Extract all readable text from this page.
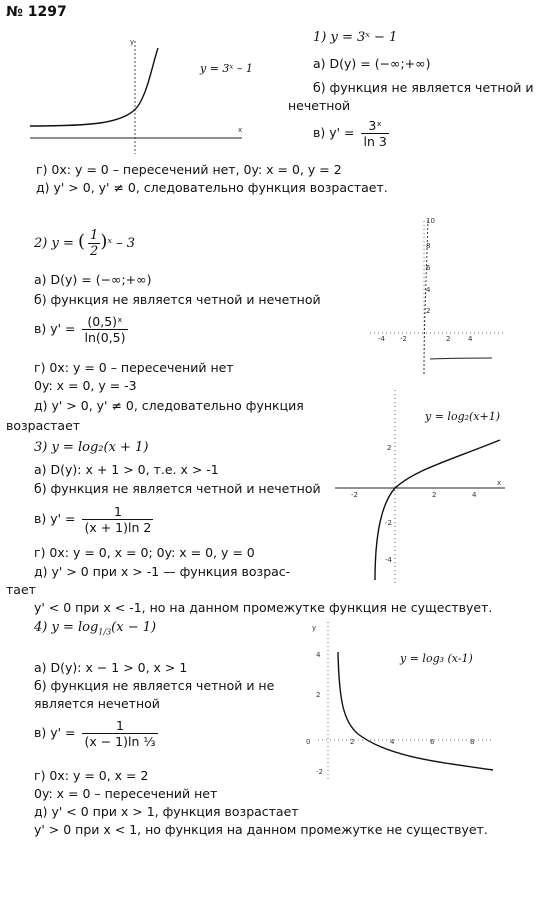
№ 1297
1) y = 3ˣ − 1
а) D(y) = (−∞;+∞)
б) функция не является четной и
нечетной
в) $y' = \frac{\text{3ˣ}}{\ln 3}$
г) 0x: y = 0 – пересечений нет, 0y: x = 0, y = 2
д) y' > 0, y' ≠ 0, следовательно функция возрастает.
x
y
y = 3ˣ – 1
2) y = ( $\frac{1}{2}$ )ˣ – 3
а) D(y) = (−∞;+∞)
б) функция не является четной и нечетной
в) $y' = \frac{\text{(0,5)ˣ}}{\ln(0,5)}$
г) 0x: y = 0 – пересечений нет
0y: x = 0, y = -3
д) y' > 0, y' ≠ 0, следовательно функция
возрастает
10
8
6
4
2
-4 -2	2	4
3) y = log₂(x + 1)
а) D(y): x + 1 > 0, т.е. x > -1
б) функция не является четной и нечетной
в) $y' = \frac{1}{(x + 1)\ln 2}$
г) 0x: y = 0, x = 0; 0y: x = 0, y = 0
д) y' > 0 при x > -1 — функция возрас-
тает
y' < 0 при x < -1, но на данном промежутке функция не существует.
x
-2	2	4
2
-2
-4
y = log₂(x+1)
4) $y = \log_{1/3}(x - 1)$
а) D(y): x − 1 > 0, x > 1
б) функция не является четной и не
является нечетной
в) $y' = \frac{1}{\text{(x − 1)ln ⅓}}$
г) 0x: y = 0, x = 2
0y: x = 0 – пересечений нет
д) y' < 0 при x > 1, функция возрастает
y' > 0 при x < 1, но функция на данном промежутке не существует.
y
4
2
0	2	4	6	8
-2
y = log₃ (x-1)
